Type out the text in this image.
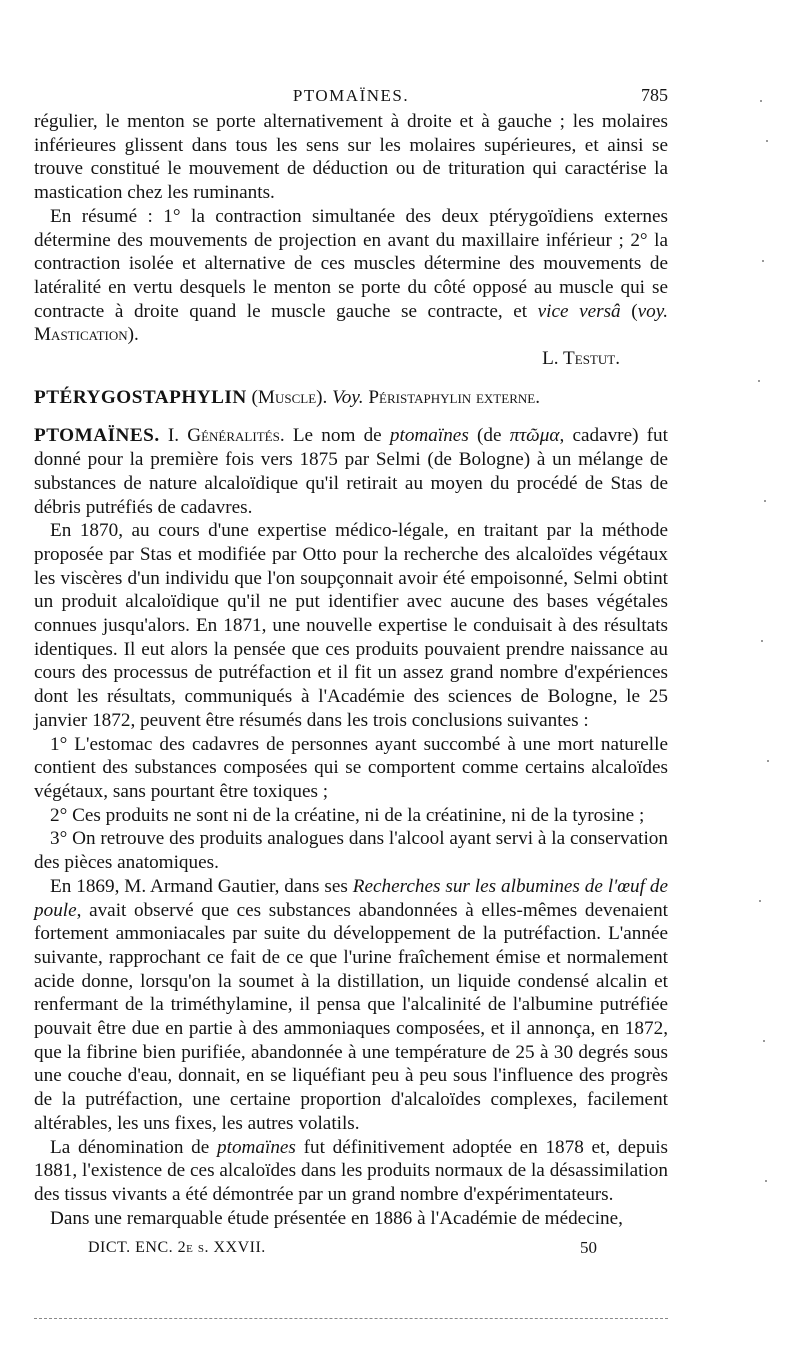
PTOMAÏNES.	785

régulier, le menton se porte alternativement à droite et à gauche ; les molaires inférieures glissent dans tous les sens sur les molaires supérieures, et ainsi se trouve constitué le mouvement de déduction ou de trituration qui caractérise la mastication chez les ruminants.

En résumé : 1° la contraction simultanée des deux ptérygoïdiens externes détermine des mouvements de projection en avant du maxillaire inférieur ; 2° la contraction isolée et alternative de ces muscles détermine des mouvements de latéralité en vertu desquels le menton se porte du côté opposé au muscle qui se contracte à droite quand le muscle gauche se contracte, et vice versâ (voy. Mastication).

L. Testut.

PTÉRYGOSTAPHYLIN (Muscle). Voy. Péristaphylin externe.

PTOMAÏNES. I. Généralités. Le nom de ptomaïnes (de πτῶμα, cadavre) fut donné pour la première fois vers 1875 par Selmi (de Bologne) à un mélange de substances de nature alcaloïdique qu'il retirait au moyen du procédé de Stas de débris putréfiés de cadavres.

En 1870, au cours d'une expertise médico-légale, en traitant par la méthode proposée par Stas et modifiée par Otto pour la recherche des alcaloïdes végétaux les viscères d'un individu que l'on soupçonnait avoir été empoisonné, Selmi obtint un produit alcaloïdique qu'il ne put identifier avec aucune des bases végétales connues jusqu'alors. En 1871, une nouvelle expertise le conduisait à des résultats identiques. Il eut alors la pensée que ces produits pouvaient prendre naissance au cours des processus de putréfaction et il fit un assez grand nombre d'expériences dont les résultats, communiqués à l'Académie des sciences de Bologne, le 25 janvier 1872, peuvent être résumés dans les trois conclusions suivantes :

1° L'estomac des cadavres de personnes ayant succombé à une mort naturelle contient des substances composées qui se comportent comme certains alcaloïdes végétaux, sans pourtant être toxiques ;

2° Ces produits ne sont ni de la créatine, ni de la créatinine, ni de la tyrosine ;

3° On retrouve des produits analogues dans l'alcool ayant servi à la conservation des pièces anatomiques.

En 1869, M. Armand Gautier, dans ses Recherches sur les albumines de l'œuf de poule, avait observé que ces substances abandonnées à elles-mêmes devenaient fortement ammoniacales par suite du développement de la putréfaction. L'année suivante, rapprochant ce fait de ce que l'urine fraîchement émise et normalement acide donne, lorsqu'on la soumet à la distillation, un liquide condensé alcalin et renfermant de la triméthylamine, il pensa que l'alcalinité de l'albumine putréfiée pouvait être due en partie à des ammoniaques composées, et il annonça, en 1872, que la fibrine bien purifiée, abandonnée à une température de 25 à 30 degrés sous une couche d'eau, donnait, en se liquéfiant peu à peu sous l'influence des progrès de la putréfaction, une certaine proportion d'alcaloïdes complexes, facilement altérables, les uns fixes, les autres volatils.

La dénomination de ptomaïnes fut définitivement adoptée en 1878 et, depuis 1881, l'existence de ces alcaloïdes dans les produits normaux de la désassimilation des tissus vivants a été démontrée par un grand nombre d'expérimentateurs.

Dans une remarquable étude présentée en 1886 à l'Académie de médecine,

DICT. ENC. 2e s. XXVII.	50
